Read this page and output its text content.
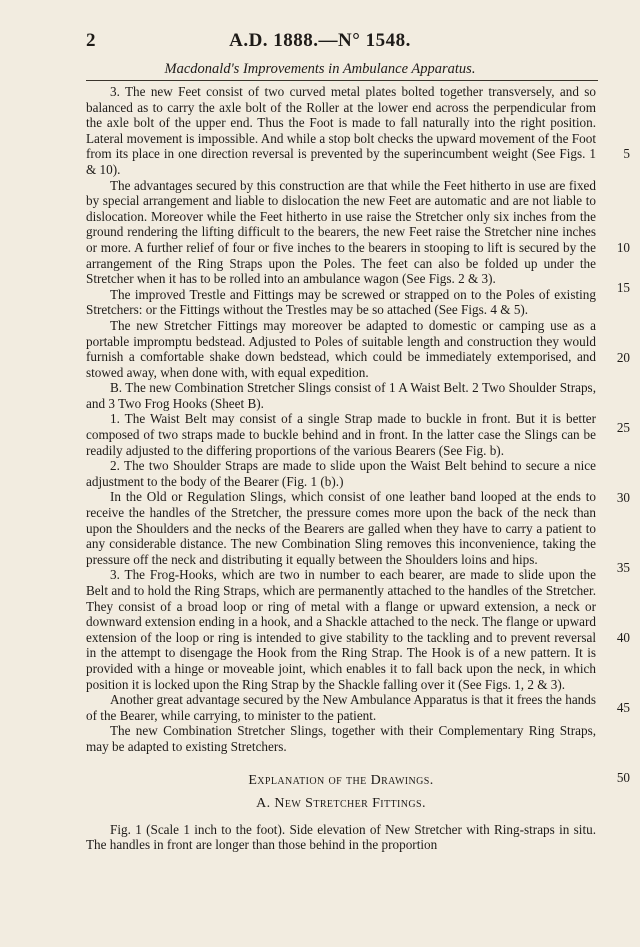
2	A.D. 1888.—N° 1548.
Macdonald's Improvements in Ambulance Apparatus.

3. The new Feet consist of two curved metal plates bolted together transversely, and so balanced as to carry the axle bolt of the Roller at the lower end across the perpendicular from the axle bolt of the upper end. Thus the Foot is made to fall naturally into the right position. Lateral movement is impossible. And while a stop bolt checks the upward movement of the Foot from its place in one direction reversal is prevented by the superincumbent weight (See Figs. 1 & 10).

The advantages secured by this construction are that while the Feet hitherto in use are fixed by special arrangement and liable to dislocation the new Feet are automatic and are not liable to dislocation. Moreover while the Feet hitherto in use raise the Stretcher only six inches from the ground rendering the lifting difficult to the bearers, the new Feet raise the Stretcher nine inches or more. A further relief of four or five inches to the bearers in stooping to lift is secured by the arrangement of the Ring Straps upon the Poles. The feet can also be folded up under the Stretcher when it has to be rolled into an ambulance wagon (See Figs. 2 & 3).

The improved Trestle and Fittings may be screwed or strapped on to the Poles of existing Stretchers: or the Fittings without the Trestles may be so attached (See Figs. 4 & 5).

The new Stretcher Fittings may moreover be adapted to domestic or camping use as a portable impromptu bedstead. Adjusted to Poles of suitable length and construction they would furnish a comfortable shake down bedstead, which could be immediately extemporised, and stowed away, when done with, with equal expedition.

B. The new Combination Stretcher Slings consist of 1 A Waist Belt. 2 Two Shoulder Straps, and 3 Two Frog Hooks (Sheet B).

1. The Waist Belt may consist of a single Strap made to buckle in front. But it is better composed of two straps made to buckle behind and in front. In the latter case the Slings can be readily adjusted to the differing proportions of the various Bearers (See Fig. b).

2. The two Shoulder Straps are made to slide upon the Waist Belt behind to secure a nice adjustment to the body of the Bearer (Fig. 1 (b).)

In the Old or Regulation Slings, which consist of one leather band looped at the ends to receive the handles of the Stretcher, the pressure comes more upon the back of the neck than upon the Shoulders and the necks of the Bearers are galled when they have to carry a patient to any considerable distance. The new Combination Sling removes this inconvenience, taking the pressure off the neck and distributing it equally between the Shoulders loins and hips.

3. The Frog-Hooks, which are two in number to each bearer, are made to slide upon the Belt and to hold the Ring Straps, which are permanently attached to the handles of the Stretcher. They consist of a broad loop or ring of metal with a flange or upward extension, a neck or downward extension ending in a hook, and a Shackle attached to the neck. The flange or upward extension of the loop or ring is intended to give stability to the tackling and to prevent reversal in the attempt to disengage the Hook from the Ring Strap. The Hook is of a new pattern. It is provided with a hinge or moveable joint, which enables it to fall back upon the neck, in which position it is locked upon the Ring Strap by the Shackle falling over it (See Figs. 1, 2 & 3).

Another great advantage secured by the New Ambulance Apparatus is that it frees the hands of the Bearer, while carrying, to minister to the patient.

The new Combination Stretcher Slings, together with their Complementary Ring Straps, may be adapted to existing Stretchers.

Explanation of the Drawings.
A. New Stretcher Fittings.

Fig. 1 (Scale 1 inch to the foot). Side elevation of New Stretcher with Ring-straps in situ. The handles in front are longer than those behind in the proportion

5
10
15
20
25
30
35
40
45
50
